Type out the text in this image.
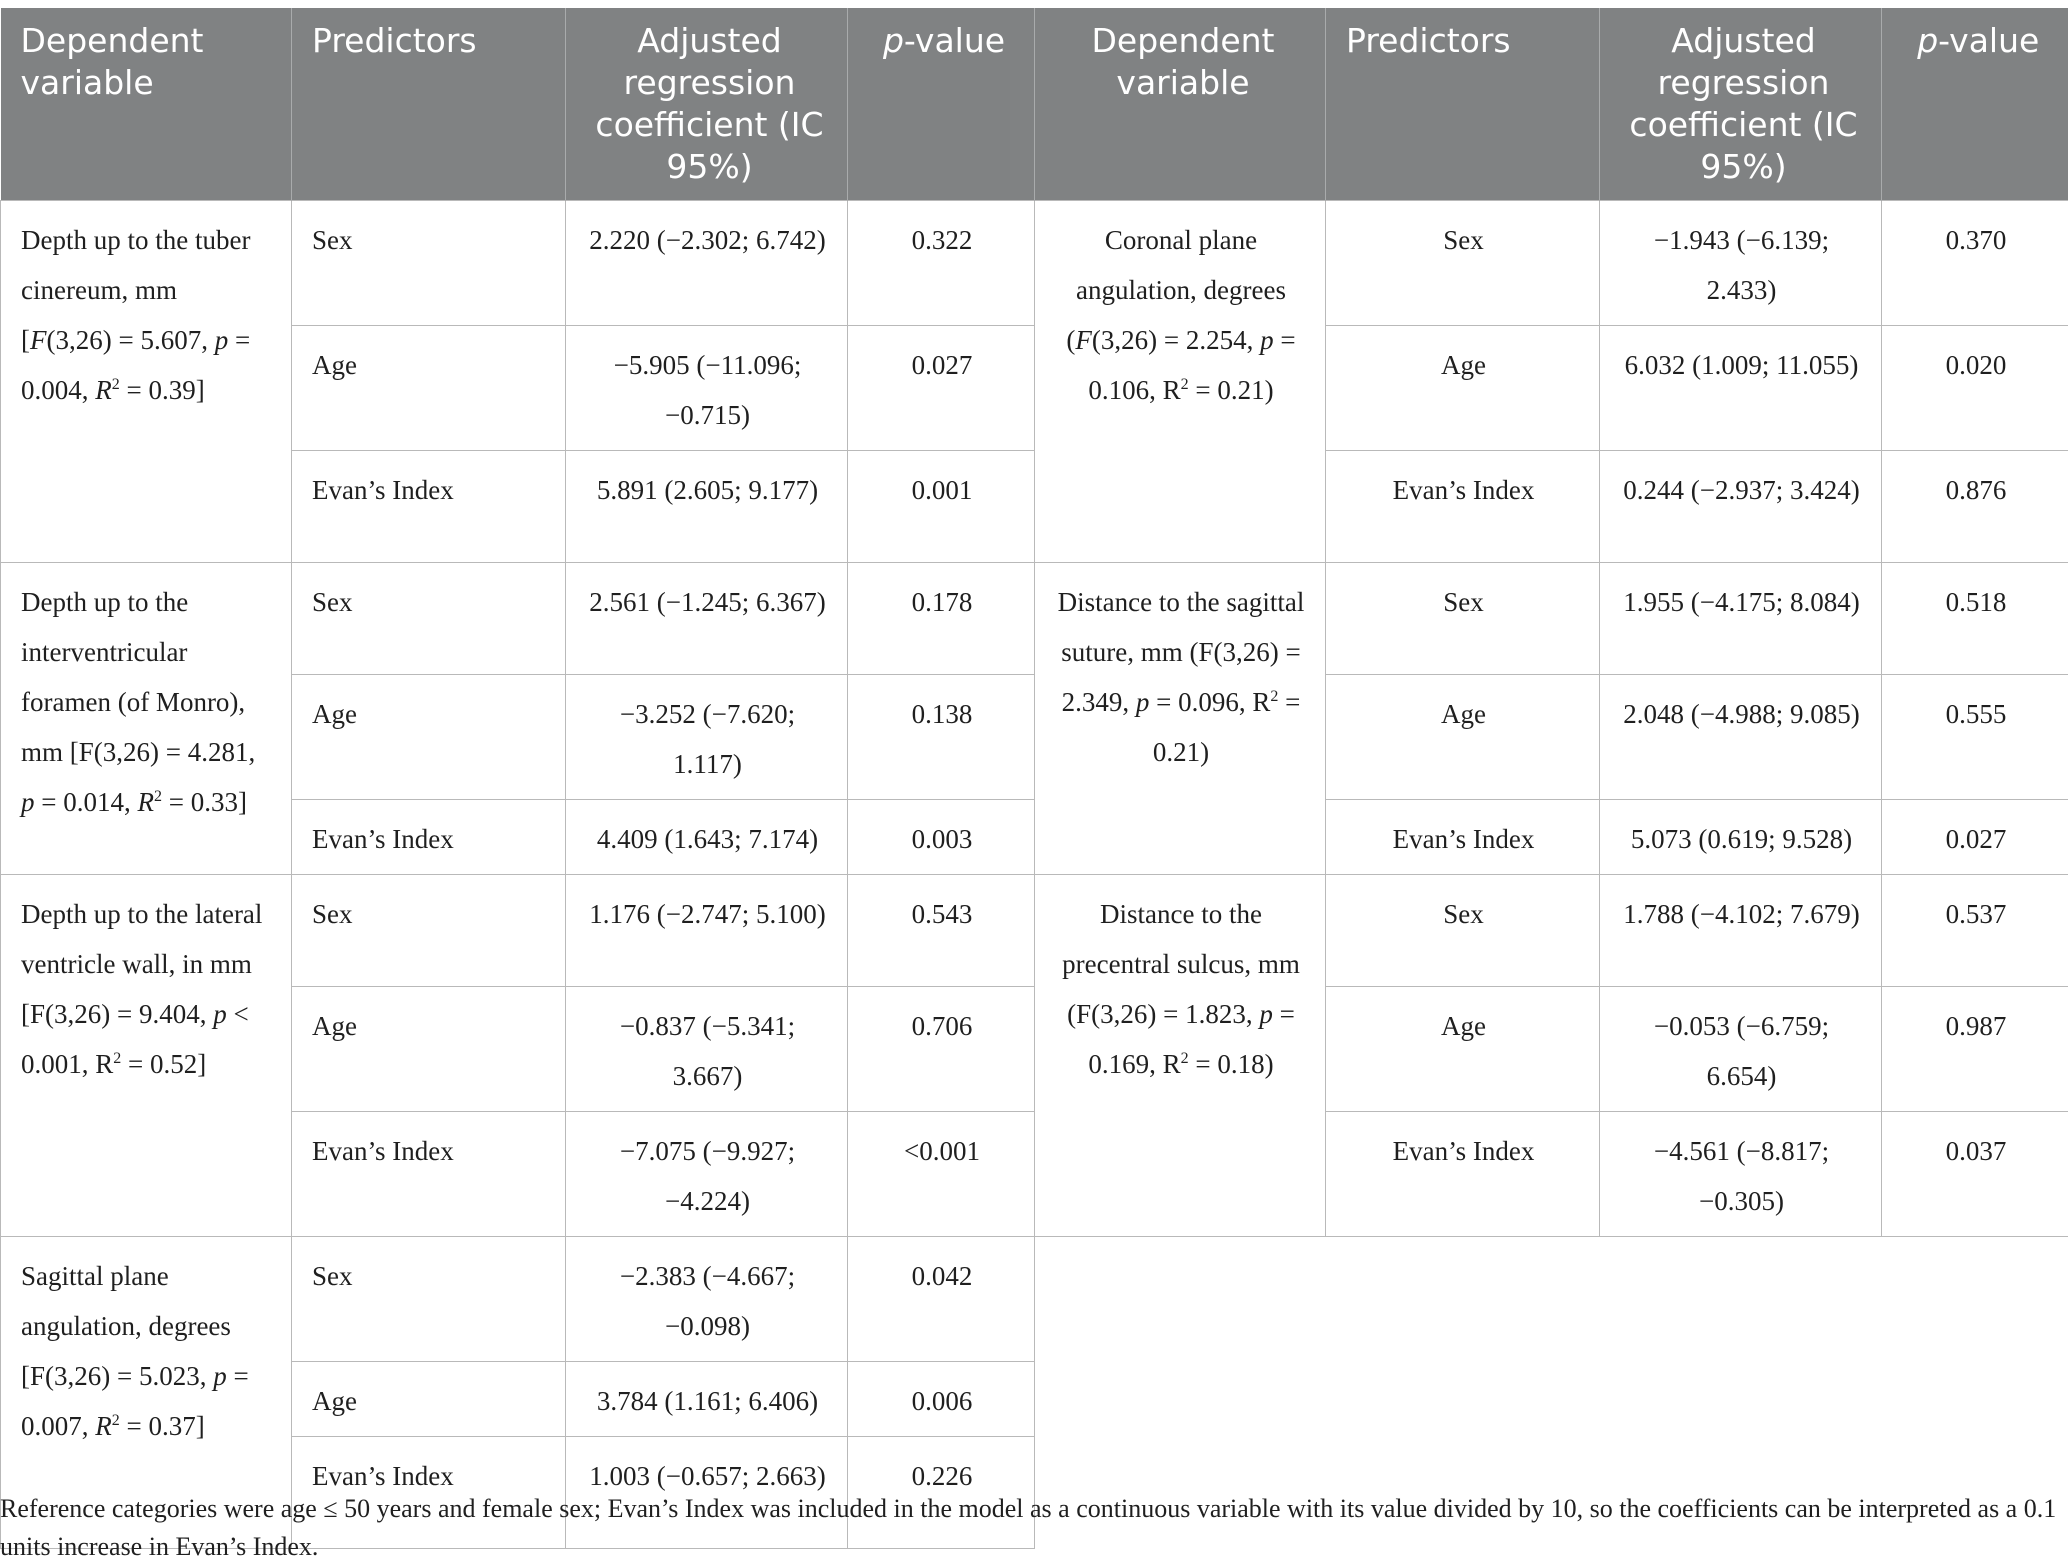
Dependent variable	Predictors	Adjusted regression coefficient (IC 95%)	p-value	Dependent variable	Predictors	Adjusted regression coefficient (IC 95%)	p-value
Depth up to the tuber cinereum, mm [F(3,26) = 5.607, p = 0.004, $R^2 = 0.39$]	Sex	2.220 (−2.302; 6.742)	0.322	Coronal plane angulation, degrees (F(3,26) = 2.254, p = 0.106, $R^2 = 0.21$)	Sex	−1.943 (−6.139; 2.433)	0.370
	Age	−5.905 (−11.096; −0.715)	0.027		Age	6.032 (1.009; 11.055)	0.020
	Evan’s Index	5.891 (2.605; 9.177)	0.001		Evan’s Index	0.244 (−2.937; 3.424)	0.876
Depth up to the interventricular foramen (of Monro), mm [F(3,26) = 4.281, p = 0.014, $R^2 = 0.33$]	Sex	2.561 (−1.245; 6.367)	0.178	Distance to the sagittal suture, mm (F(3,26) = 2.349, p = 0.096, $R^2 = 0.21$)	Sex	1.955 (−4.175; 8.084)	0.518
	Age	−3.252 (−7.620; 1.117)	0.138		Age	2.048 (−4.988; 9.085)	0.555
	Evan’s Index	4.409 (1.643; 7.174)	0.003		Evan’s Index	5.073 (0.619; 9.528)	0.027
Depth up to the lateral ventricle wall, in mm [F(3,26) = 9.404, p < 0.001, $R^2 = 0.52$]	Sex	1.176 (−2.747; 5.100)	0.543	Distance to the precentral sulcus, mm (F(3,26) = 1.823, p = 0.169, $R^2 = 0.18$)	Sex	1.788 (−4.102; 7.679)	0.537
	Age	−0.837 (−5.341; 3.667)	0.706		Age	−0.053 (−6.759; 6.654)	0.987
	Evan’s Index	−7.075 (−9.927; −4.224)	<0.001		Evan’s Index	−4.561 (−8.817; −0.305)	0.037
Sagittal plane angulation, degrees [F(3,26) = 5.023, p = 0.007, $R^2 = 0.37$]	Sex	−2.383 (−4.667; −0.098)	0.042				
	Age	3.784 (1.161; 6.406)	0.006				
	Evan’s Index	1.003 (−0.657; 2.663)	0.226				
Reference categories were age ≤ 50 years and female sex; Evan’s Index was included in the model as a continuous variable with its value divided by 10, so the coefficients can be interpreted as a 0.1 units increase in Evan’s Index.
